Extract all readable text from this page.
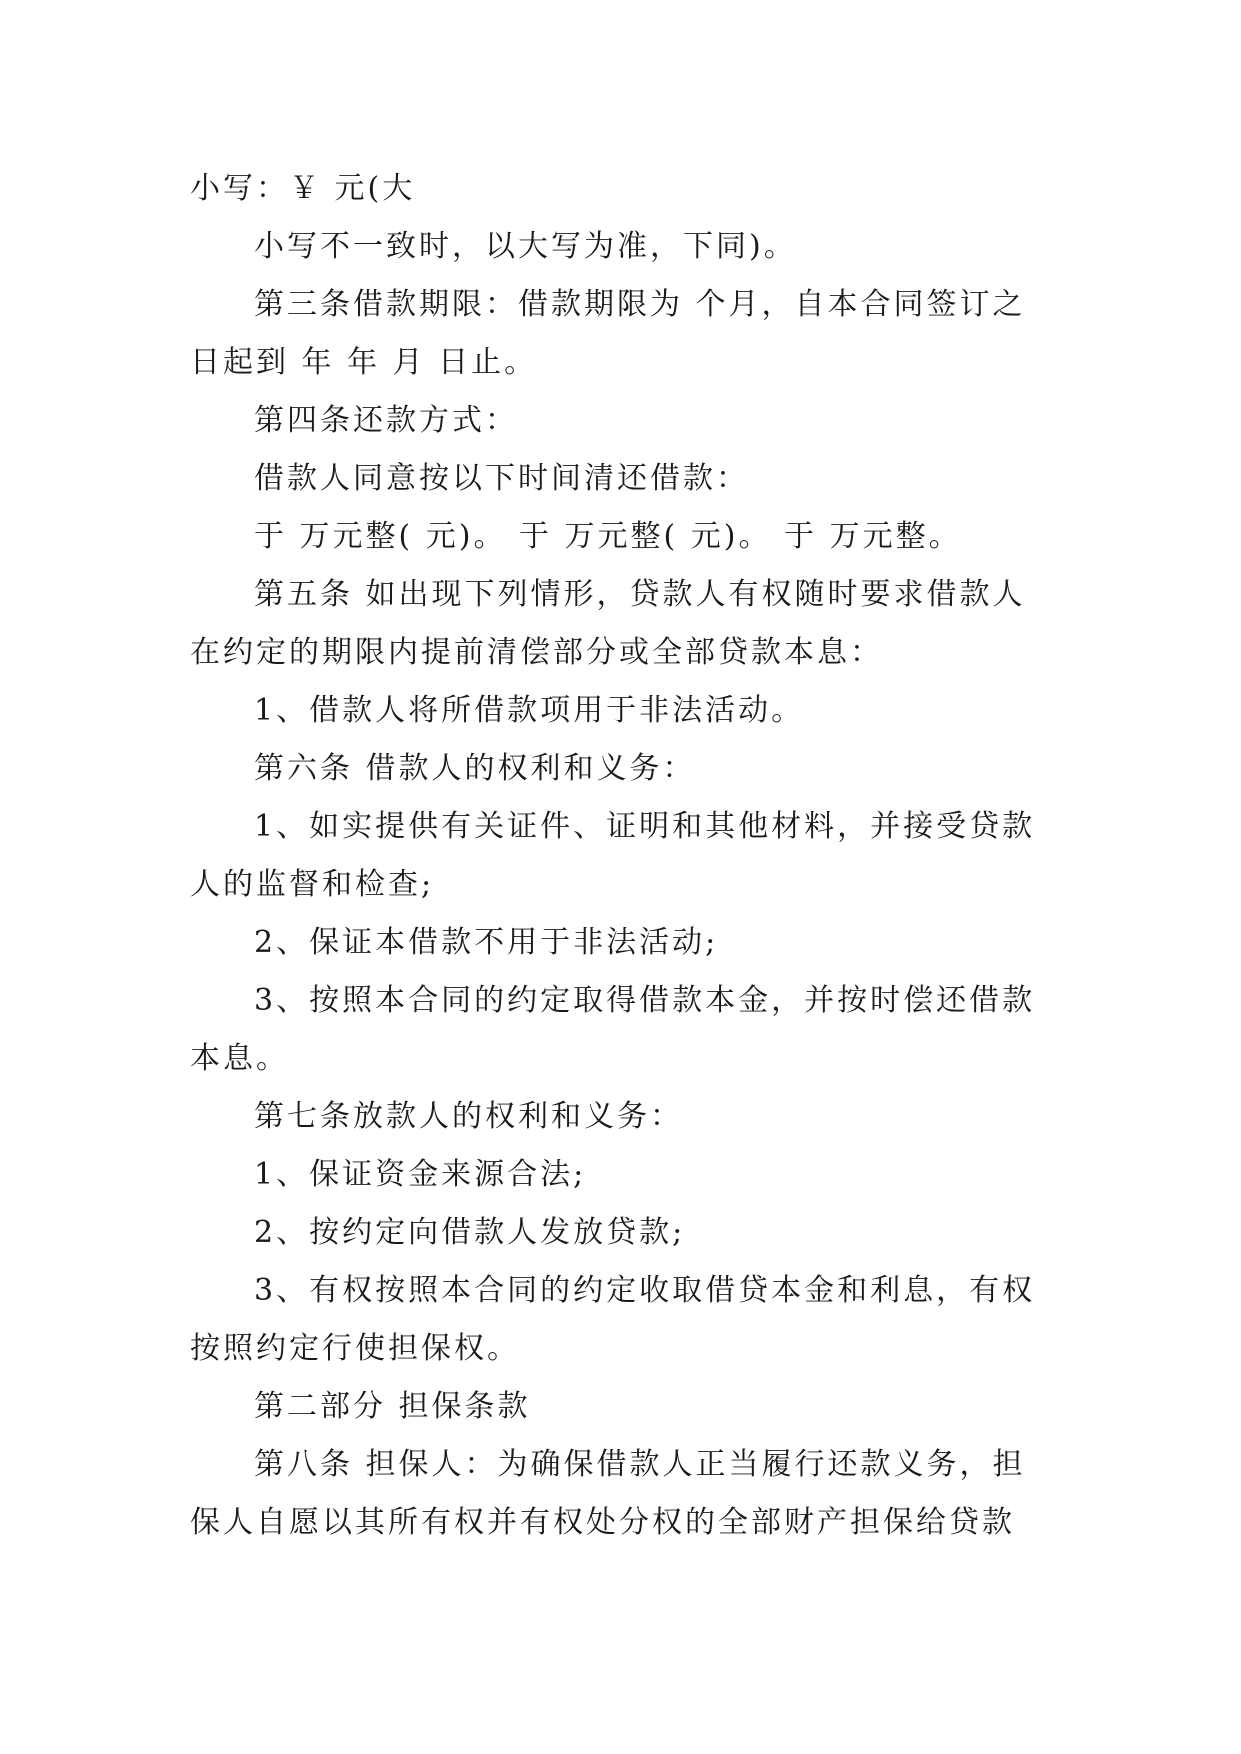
小写：￥ 元(大

小写不一致时，以大写为准，下同)。

第三条借款期限：借款期限为 个月，自本合同签订之日起到 年 年 月 日止。

第四条还款方式：

借款人同意按以下时间清还借款：

于 万元整( 元)。 于 万元整( 元)。 于 万元整。

第五条 如出现下列情形，贷款人有权随时要求借款人在约定的期限内提前清偿部分或全部贷款本息：

1、借款人将所借款项用于非法活动。

第六条 借款人的权利和义务：

1、如实提供有关证件、证明和其他材料，并接受贷款人的监督和检查;

2、保证本借款不用于非法活动;

3、按照本合同的约定取得借款本金，并按时偿还借款本息。

第七条放款人的权利和义务：

1、保证资金来源合法;

2、按约定向借款人发放贷款;

3、有权按照本合同的约定收取借贷本金和利息，有权按照约定行使担保权。

第二部分 担保条款

第八条 担保人：为确保借款人正当履行还款义务，担保人自愿以其所有权并有权处分权的全部财产担保给贷款
